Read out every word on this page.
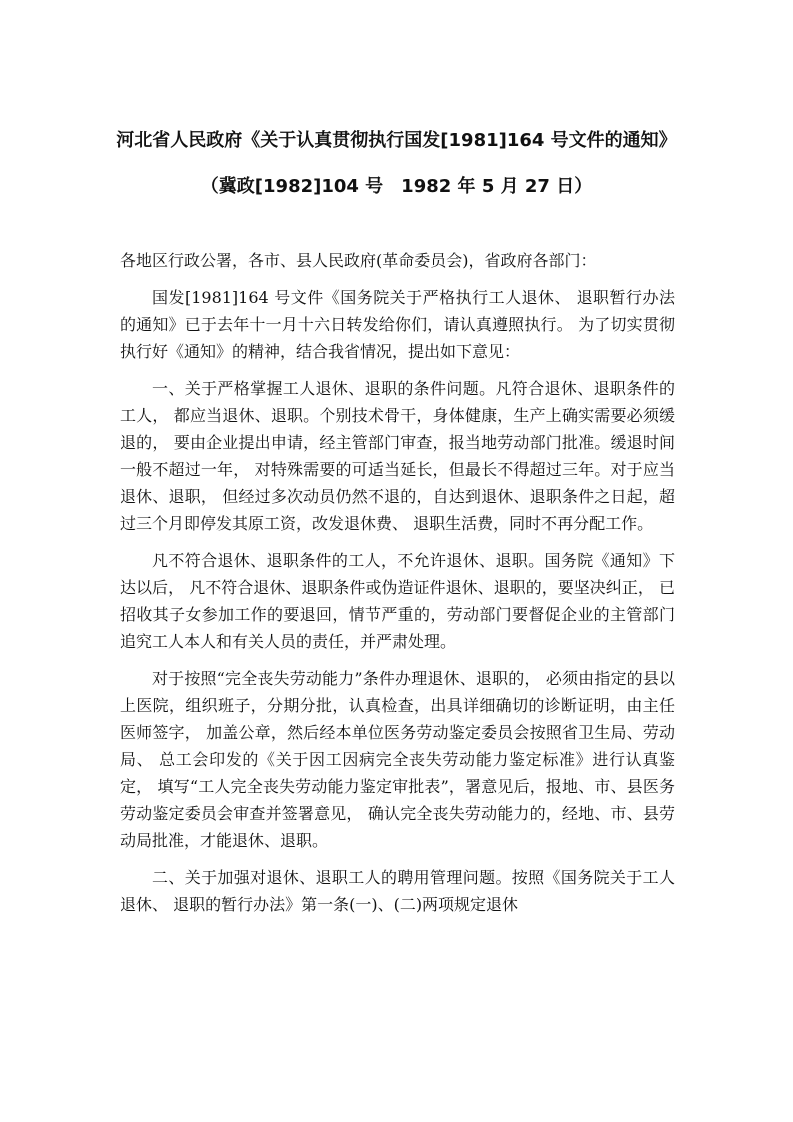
河北省人民政府《关于认真贯彻执行国发[1981]164 号文件的通知》
（冀政[1982]104 号　1982 年 5 月 27 日）

各地区行政公署，各市、县人民政府(革命委员会)，省政府各部门：

国发[1981]164 号文件《国务院关于严格执行工人退休、 退职暂行办法的通知》已于去年十一月十六日转发给你们，请认真遵照执行。 为了切实贯彻执行好《通知》的精神，结合我省情况，提出如下意见：

一、关于严格掌握工人退休、退职的条件问题。凡符合退休、退职条件的工人， 都应当退休、退职。个别技术骨干，身体健康，生产上确实需要必须缓退的， 要由企业提出申请，经主管部门审查，报当地劳动部门批准。缓退时间一般不超过一年， 对特殊需要的可适当延长，但最长不得超过三年。对于应当退休、退职， 但经过多次动员仍然不退的，自达到退休、退职条件之日起，超过三个月即停发其原工资，改发退休费、 退职生活费，同时不再分配工作。

凡不符合退休、退职条件的工人，不允许退休、退职。国务院《通知》下达以后， 凡不符合退休、退职条件或伪造证件退休、退职的，要坚决纠正， 已招收其子女参加工作的要退回，情节严重的，劳动部门要督促企业的主管部门追究工人本人和有关人员的责任，并严肃处理。

对于按照“完全丧失劳动能力”条件办理退休、退职的， 必须由指定的县以上医院，组织班子，分期分批，认真检查，出具详细确切的诊断证明，由主任医师签字， 加盖公章，然后经本单位医务劳动鉴定委员会按照省卫生局、劳动局、 总工会印发的《关于因工因病完全丧失劳动能力鉴定标准》进行认真鉴定， 填写“工人完全丧失劳动能力鉴定审批表”，署意见后，报地、市、县医务劳动鉴定委员会审查并签署意见， 确认完全丧失劳动能力的，经地、市、县劳动局批准，才能退休、退职。

二、关于加强对退休、退职工人的聘用管理问题。按照《国务院关于工人退休、 退职的暂行办法》第一条(一)、(二)两项规定退休
